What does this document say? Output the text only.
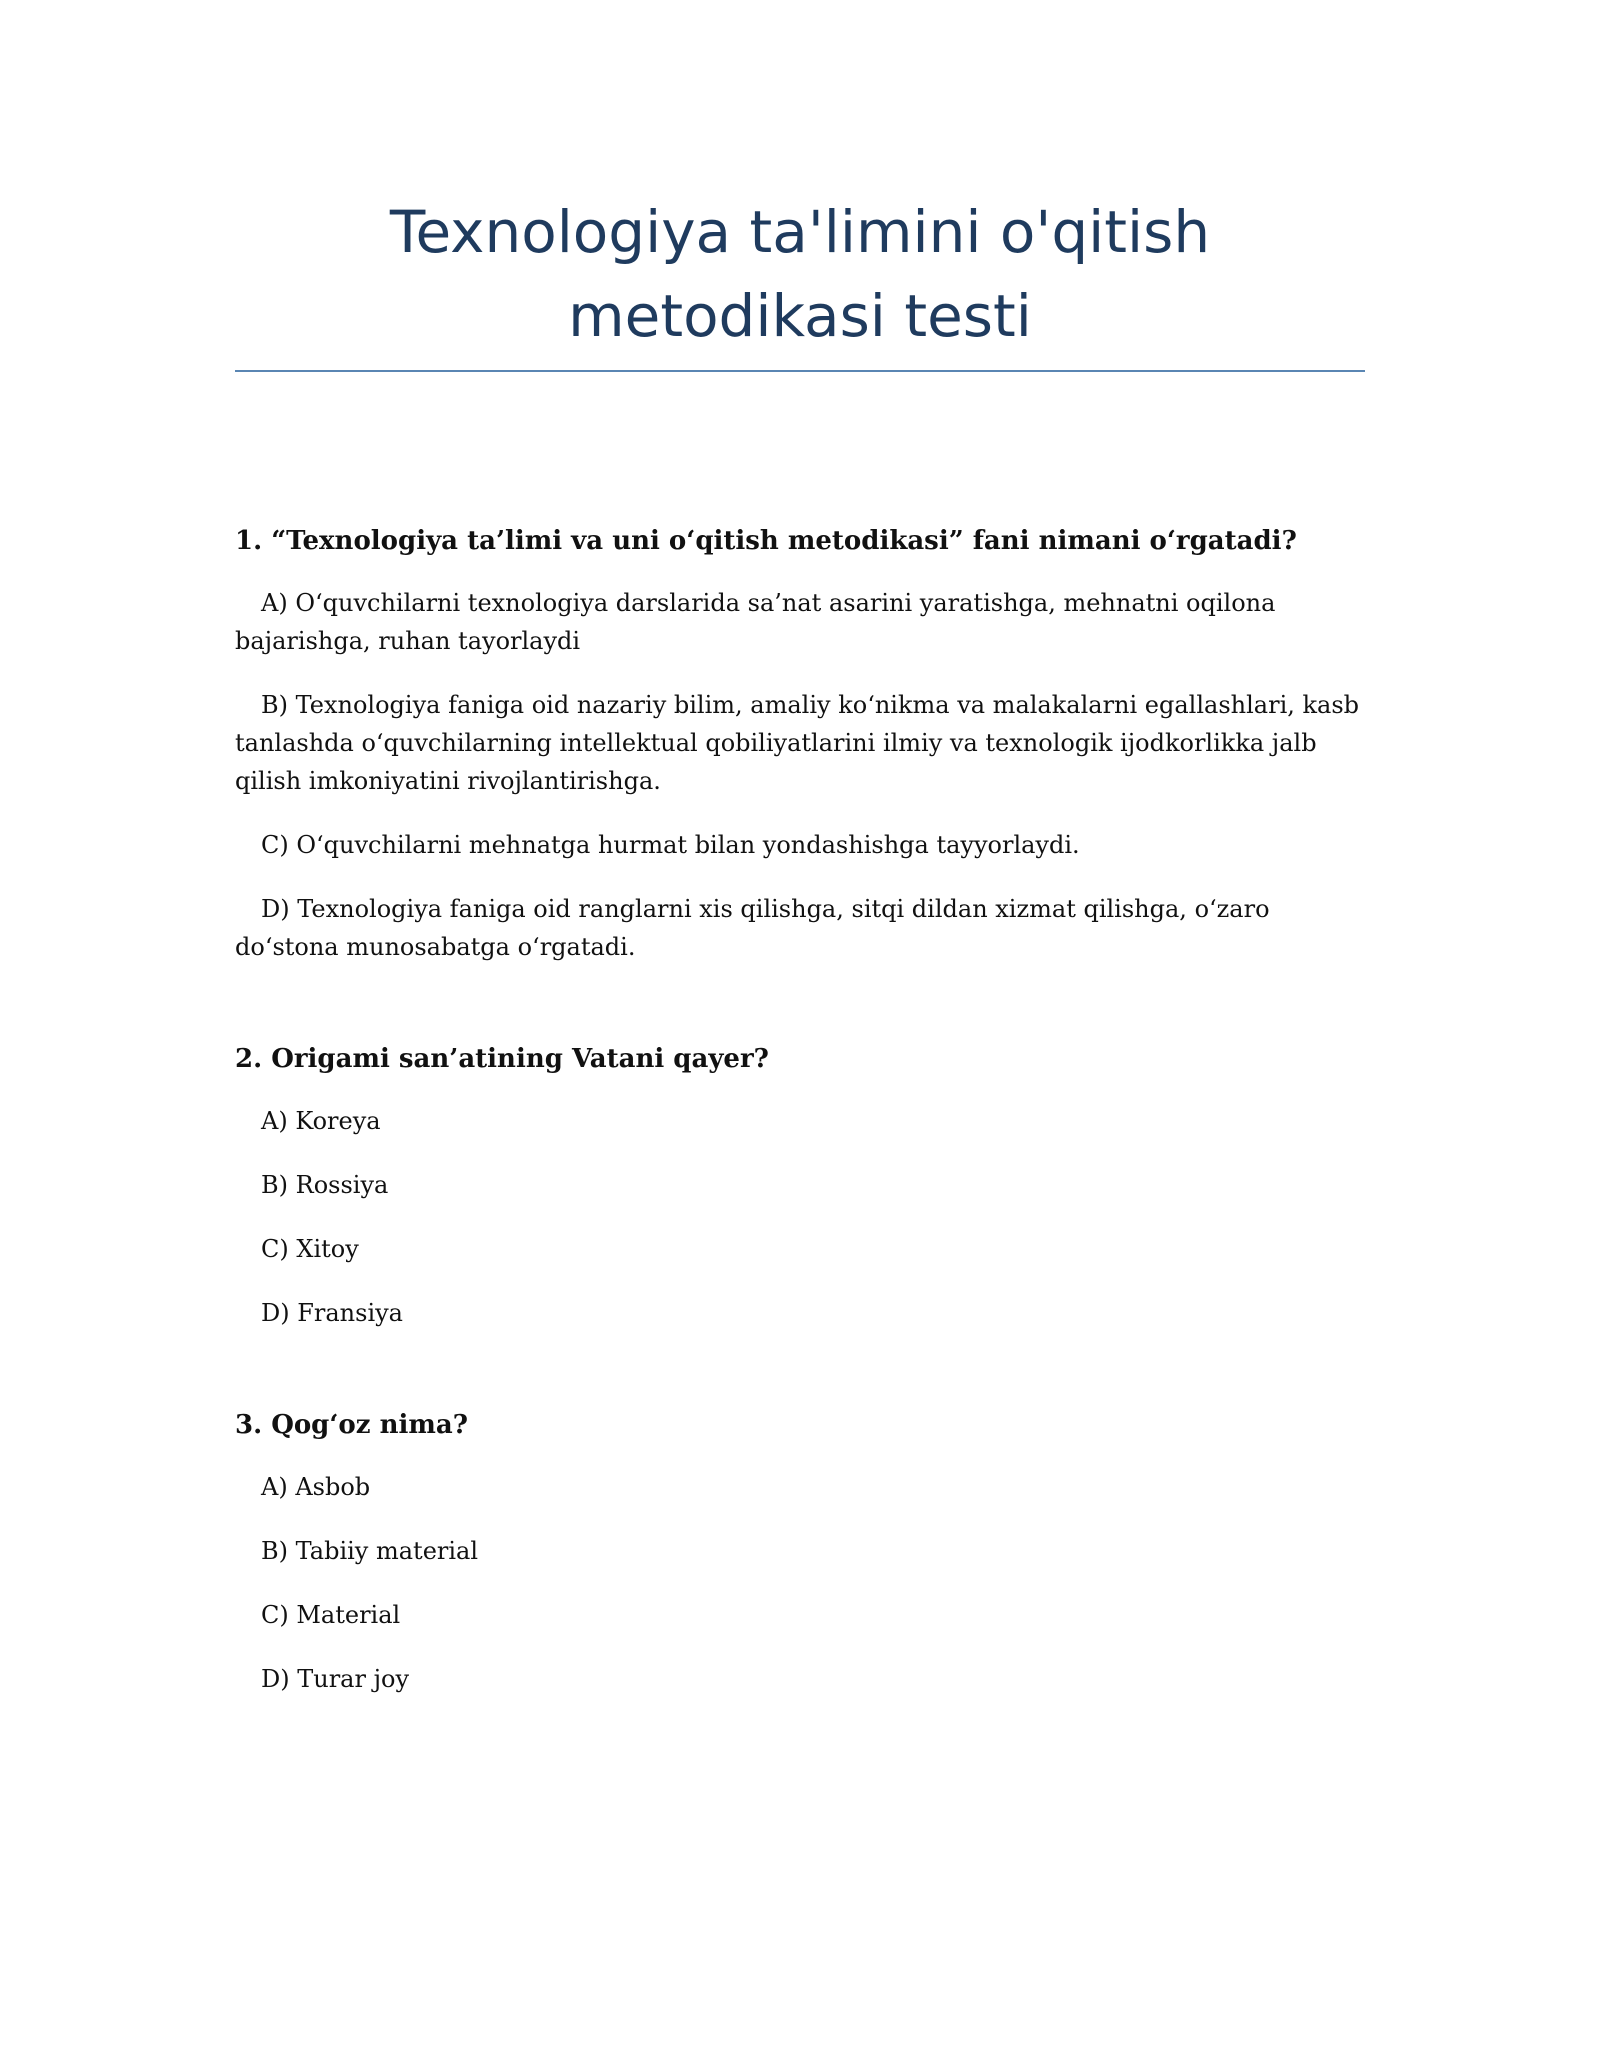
Texnologiya ta'limini o'qitish
metodikasi testi

1. “Texnologiya ta’limi va uni o‘qitish metodikasi” fani nimani o‘rgatadi?

A) O‘quvchilarni texnologiya darslarida sa’nat asarini yaratishga, mehnatni oqilona bajarishga, ruhan tayorlaydi

B) Texnologiya faniga oid nazariy bilim, amaliy ko‘nikma va malakalarni egallashlari, kasb tanlashda o‘quvchilarning intellektual qobiliyatlarini ilmiy va texnologik ijodkorlikka jalb qilish imkoniyatini rivojlantirishga.

C) O‘quvchilarni mehnatga hurmat bilan yondashishga tayyorlaydi.

D) Texnologiya faniga oid ranglarni xis qilishga, sitqi dildan xizmat qilishga, o‘zaro do‘stona munosabatga o‘rgatadi.

2. Origami san’atining Vatani qayer?

A) Koreya

B) Rossiya

C) Xitoy

D) Fransiya

3. Qog‘oz nima?

A) Asbob

B) Tabiiy material

C) Material

D) Turar joy
